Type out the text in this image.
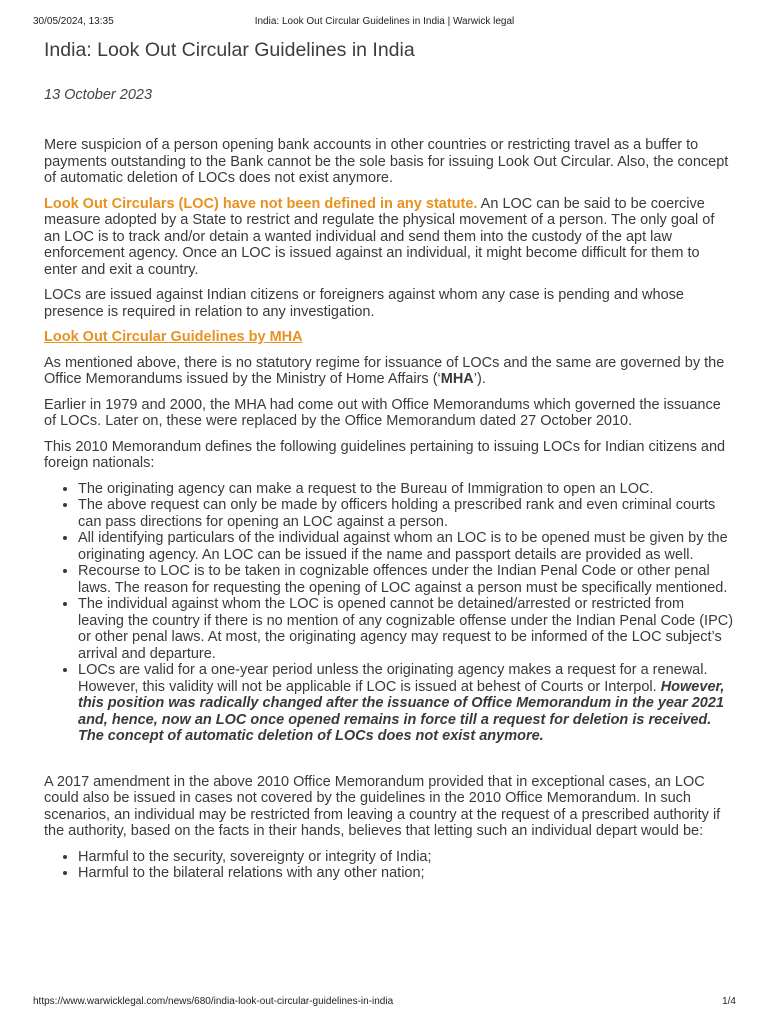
30/05/2024, 13:35	India: Look Out Circular Guidelines in India | Warwick legal
India: Look Out Circular Guidelines in India
13 October 2023

Mere suspicion of a person opening bank accounts in other countries or restricting travel as a buffer to payments outstanding to the Bank cannot be the sole basis for issuing Look Out Circular. Also, the concept of automatic deletion of LOCs does not exist anymore.

Look Out Circulars (LOC) have not been defined in any statute. An LOC can be said to be coercive measure adopted by a State to restrict and regulate the physical movement of a person. The only goal of an LOC is to track and/or detain a wanted individual and send them into the custody of the apt law enforcement agency. Once an LOC is issued against an individual, it might become difficult for them to enter and exit a country.

LOCs are issued against Indian citizens or foreigners against whom any case is pending and whose presence is required in relation to any investigation.

Look Out Circular Guidelines by MHA

As mentioned above, there is no statutory regime for issuance of LOCs and the same are governed by the Office Memorandums issued by the Ministry of Home Affairs (‘MHA’).

Earlier in 1979 and 2000, the MHA had come out with Office Memorandums which governed the issuance of LOCs. Later on, these were replaced by the Office Memorandum dated 27 October 2010.

This 2010 Memorandum defines the following guidelines pertaining to issuing LOCs for Indian citizens and foreign nationals:

• The originating agency can make a request to the Bureau of Immigration to open an LOC.
• The above request can only be made by officers holding a prescribed rank and even criminal courts can pass directions for opening an LOC against a person.
• All identifying particulars of the individual against whom an LOC is to be opened must be given by the originating agency. An LOC can be issued if the name and passport details are provided as well.
• Recourse to LOC is to be taken in cognizable offences under the Indian Penal Code or other penal laws. The reason for requesting the opening of LOC against a person must be specifically mentioned.
• The individual against whom the LOC is opened cannot be detained/arrested or restricted from leaving the country if there is no mention of any cognizable offense under the Indian Penal Code (IPC) or other penal laws. At most, the originating agency may request to be informed of the LOC subject’s arrival and departure.
• LOCs are valid for a one-year period unless the originating agency makes a request for a renewal. However, this validity will not be applicable if LOC is issued at behest of Courts or Interpol. However, this position was radically changed after the issuance of Office Memorandum in the year 2021 and, hence, now an LOC once opened remains in force till a request for deletion is received. The concept of automatic deletion of LOCs does not exist anymore.

A 2017 amendment in the above 2010 Office Memorandum provided that in exceptional cases, an LOC could also be issued in cases not covered by the guidelines in the 2010 Office Memorandum. In such scenarios, an individual may be restricted from leaving a country at the request of a prescribed authority if the authority, based on the facts in their hands, believes that letting such an individual depart would be:

• Harmful to the security, sovereignty or integrity of India;
• Harmful to the bilateral relations with any other nation;
https://www.warwicklegal.com/news/680/india-look-out-circular-guidelines-in-india	1/4
